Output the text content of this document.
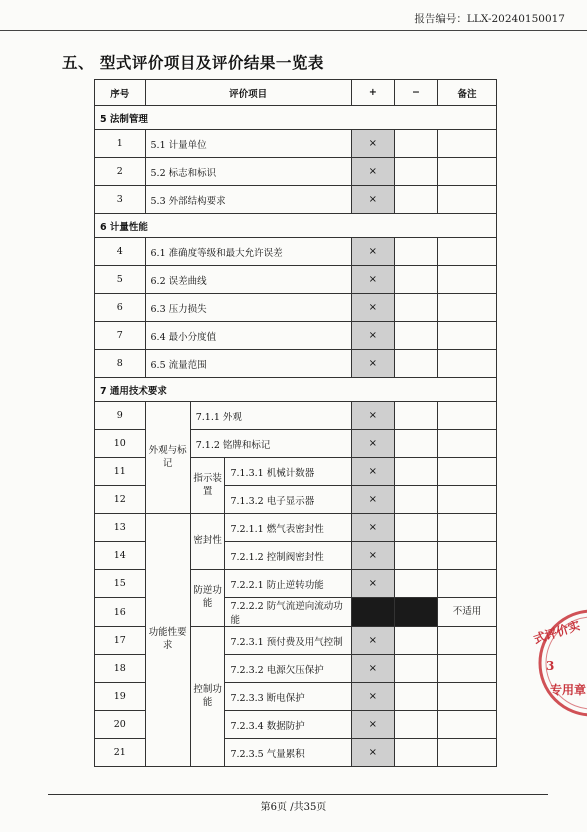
报告编号：LLX-20240150017
五、 型式评价项目及评价结果一览表
序号	评价项目			+	−	备注
5 法制管理						
1	5.1 计量单位			×		
2	5.2 标志和标识			×		
3	5.3 外部结构要求			×		
6 计量性能						
4	6.1 准确度等级和最大允许误差			×		
5	6.2 误差曲线			×		
6	6.3 压力损失			×		
7	6.4 最小分度值			×		
8	6.5 流量范围			×		
7 通用技术要求						
9	外观与标记	7.1.1 外观		×		
10		7.1.2 铭牌和标记		×		
11		指示装置	7.1.3.1 机械计数器	×		
12			7.1.3.2 电子显示器	×		
13	功能性要求	密封性	7.2.1.1 燃气表密封性	×		
14			7.2.1.2 控制阀密封性	×		
15		防逆功能	7.2.2.1 防止逆转功能	×		
16			7.2.2.2 防气流逆向流动功能			不适用
17		控制功能	7.2.3.1 预付费及用气控制	×		
18			7.2.3.2 电源欠压保护	×		
19			7.2.3.3 断电保护	×		
20			7.2.3.4 数据防护	×		
21			7.2.3.5 气量累积	×		
式评价实
3
专用章
第6页 /共35页
